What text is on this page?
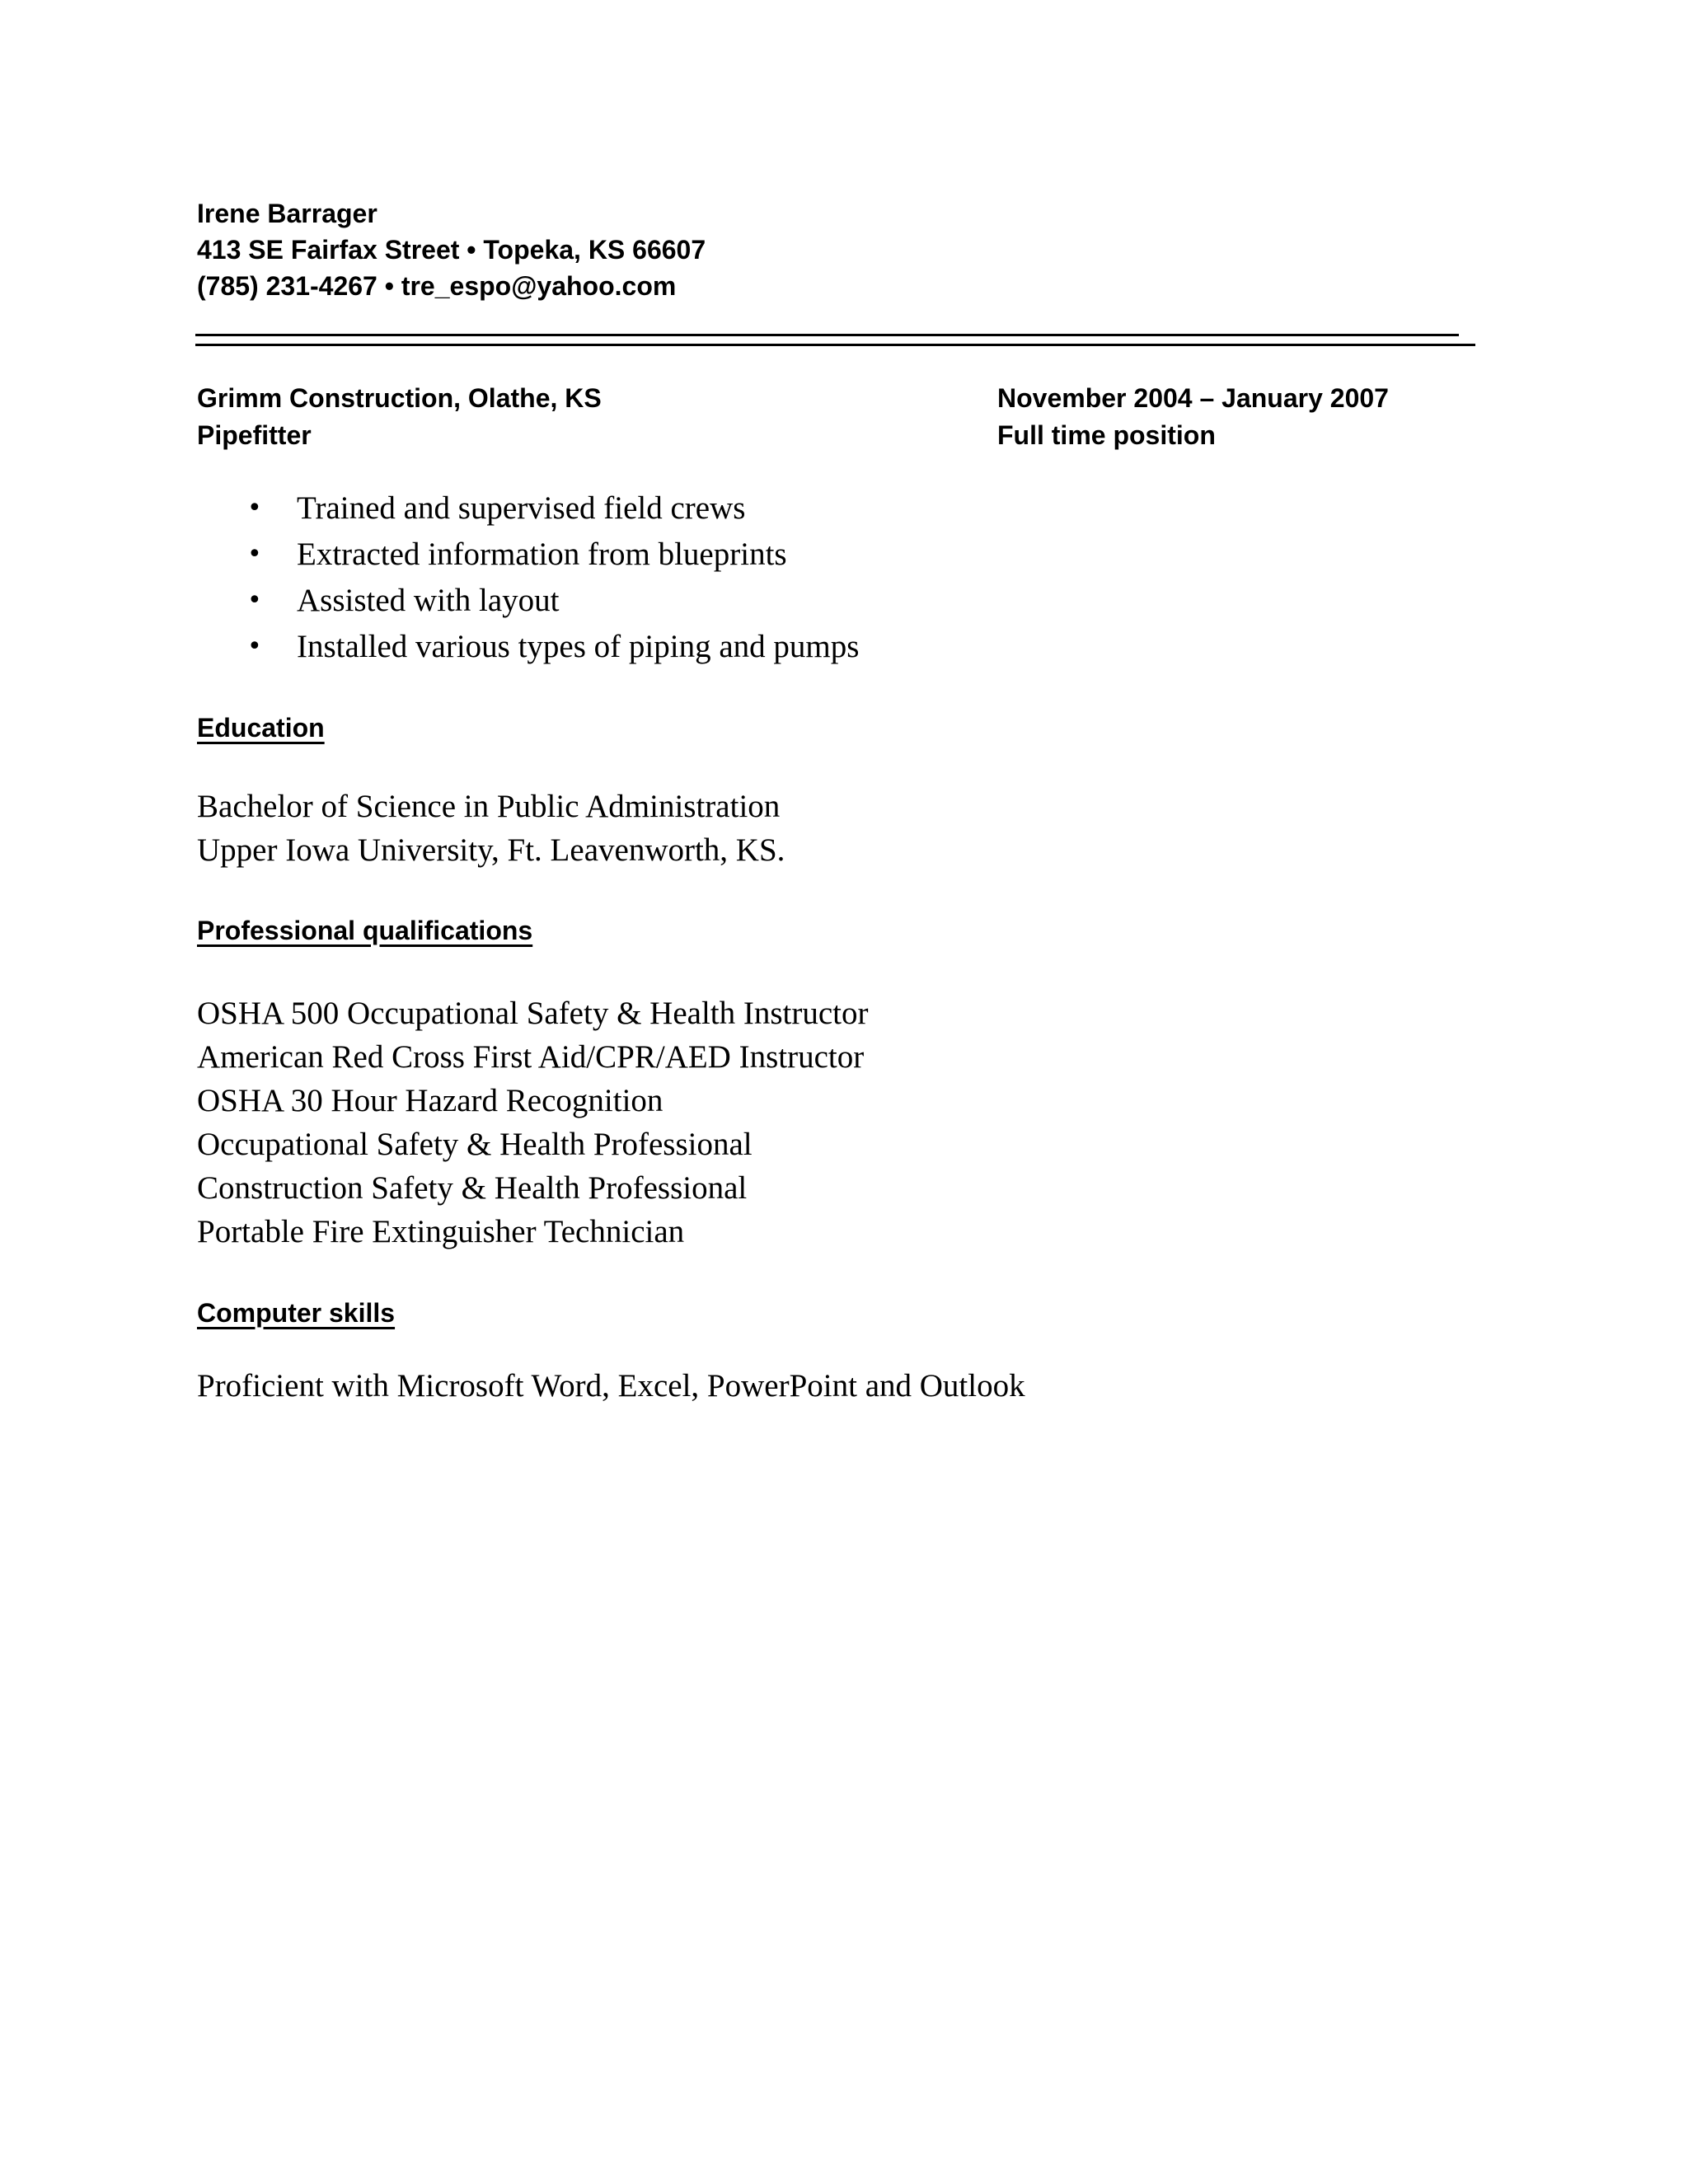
Irene Barrager
413 SE Fairfax Street • Topeka, KS 66607
(785) 231-4267 • tre_espo@yahoo.com
Grimm Construction, Olathe, KS
Pipefitter
November 2004 – January 2007
Full time position
• Trained and supervised field crews
• Extracted information from blueprints
• Assisted with layout
• Installed various types of piping and pumps
Education
Bachelor of Science in Public Administration
Upper Iowa University, Ft. Leavenworth, KS.
Professional qualifications
OSHA 500 Occupational Safety & Health Instructor
American Red Cross First Aid/CPR/AED Instructor
OSHA 30 Hour Hazard Recognition
Occupational Safety & Health Professional
Construction Safety & Health Professional
Portable Fire Extinguisher Technician
Computer skills
Proficient with Microsoft Word, Excel, PowerPoint and Outlook
